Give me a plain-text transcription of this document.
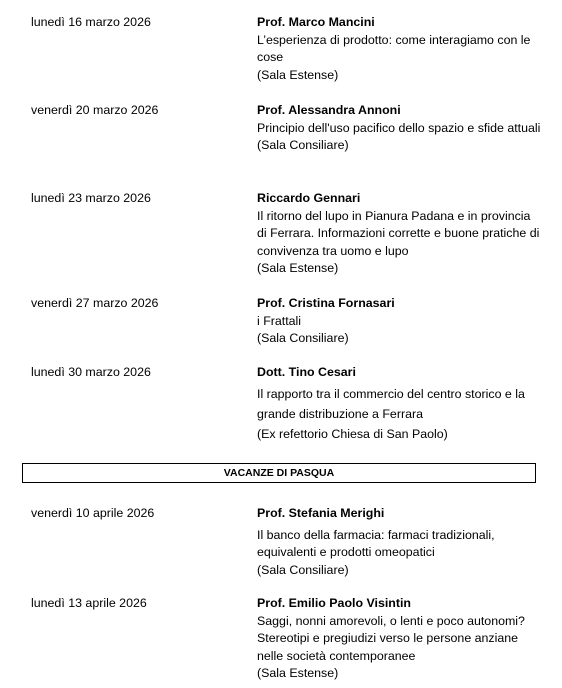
lunedì 16 marzo 2026	Prof. Marco Mancini
L’esperienza di prodotto: come interagiamo con le cose
(Sala Estense)
venerdì 20 marzo 2026	Prof. Alessandra Annoni
Principio dell'uso pacifico dello spazio e sfide attuali
(Sala Consiliare)
lunedì 23 marzo 2026	Riccardo Gennari
Il ritorno del lupo in Pianura Padana e in provincia di Ferrara. Informazioni corrette e buone pratiche di convivenza tra uomo e lupo
(Sala Estense)
venerdì 27 marzo 2026	Prof. Cristina Fornasari
i Frattali
(Sala Consiliare)
lunedì 30 marzo 2026	Dott. Tino Cesari
Il rapporto tra il commercio del centro storico e la grande distribuzione a Ferrara
(Ex refettorio Chiesa di San Paolo)
VACANZE DI PASQUA
venerdì 10 aprile 2026	Prof. Stefania Merighi
Il banco della farmacia: farmaci tradizionali, equivalenti e prodotti omeopatici
(Sala Consiliare)
lunedì 13 aprile 2026	Prof. Emilio Paolo Visintin
Saggi, nonni amorevoli, o lenti e poco autonomi? Stereotipi e pregiudizi verso le persone anziane nelle società contemporanee
(Sala Estense)
